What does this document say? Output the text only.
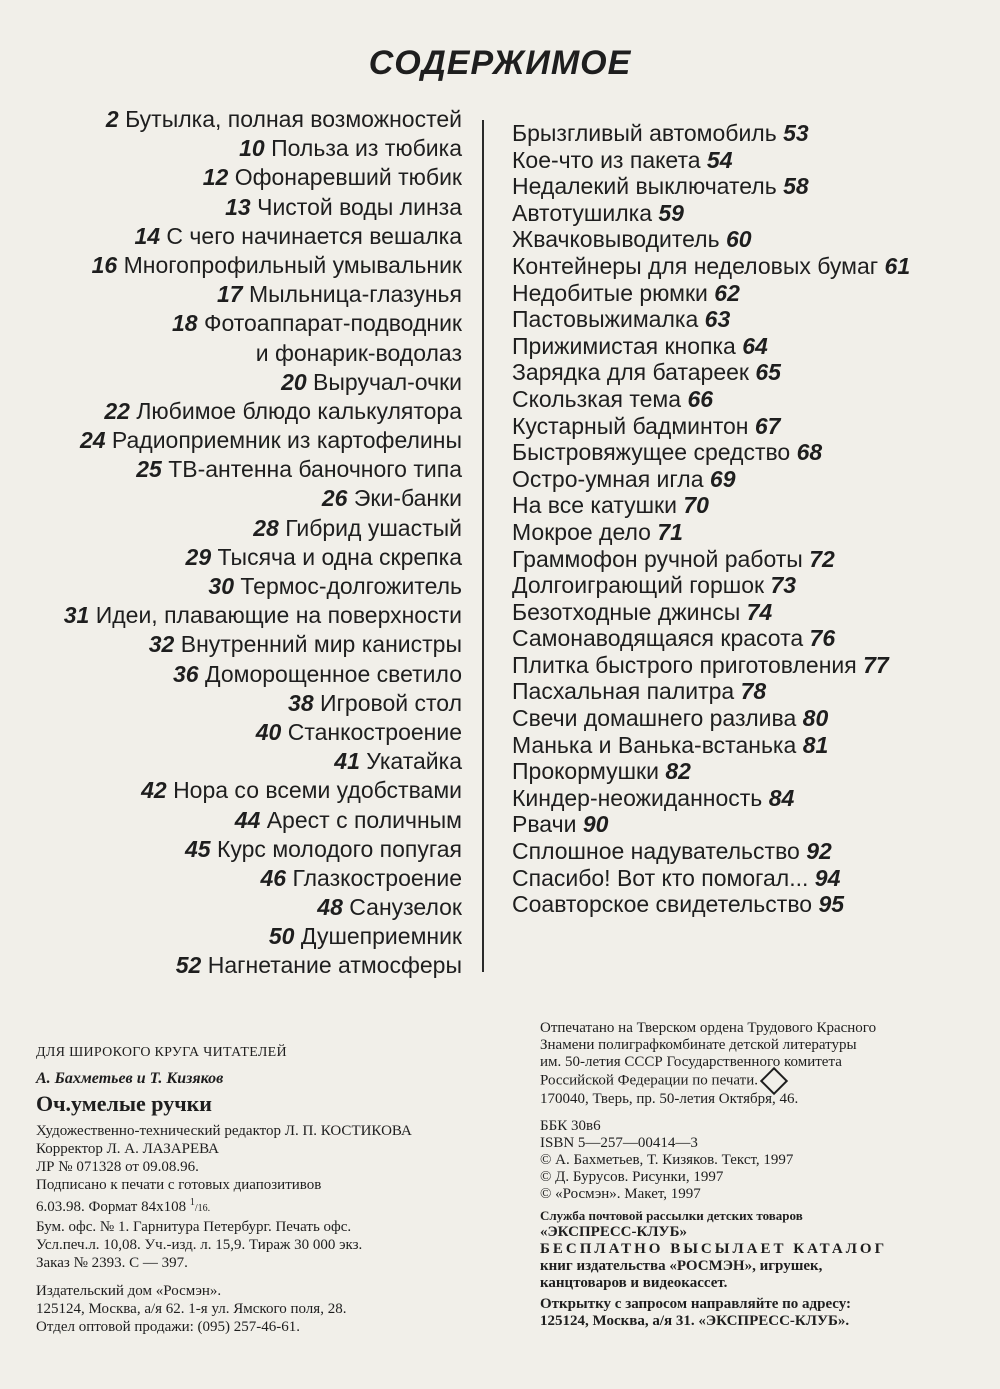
СОДЕРЖИМОЕ
2 Бутылка, полная возможностей
10 Польза из тюбика
12 Офонаревший тюбик
13 Чистой воды линза
14 С чего начинается вешалка
16 Многопрофильный умывальник
17 Мыльница-глазунья
18 Фотоаппарат-подводник
и фонарик-водолаз
20 Выручал-очки
22 Любимое блюдо калькулятора
24 Радиоприемник из картофелины
25 ТВ-антенна баночного типа
26 Эки-банки
28 Гибрид ушастый
29 Тысяча и одна скрепка
30 Термос-долгожитель
31 Идеи, плавающие на поверхности
32 Внутренний мир канистры
36 Доморощенное светило
38 Игровой стол
40 Станкостроение
41 Укатайка
42 Нора со всеми удобствами
44 Арест с поличным
45 Курс молодого попугая
46 Глазкостроение
48 Санузелок
50 Душеприемник
52 Нагнетание атмосферы
Брызгливый автомобиль 53
Кое-что из пакета 54
Недалекий выключатель 58
Автотушилка 59
Жвачковыводитель 60
Контейнеры для неделовых бумаг 61
Недобитые рюмки 62
Пастовыжималка 63
Прижимистая кнопка 64
Зарядка для батареек 65
Скользкая тема 66
Кустарный бадминтон 67
Быстровяжущее средство 68
Остро-умная игла 69
На все катушки 70
Мокрое дело 71
Граммофон ручной работы 72
Долгоиграющий горшок 73
Безотходные джинсы 74
Самонаводящаяся красота 76
Плитка быстрого приготовления 77
Пасхальная палитра 78
Свечи домашнего разлива 80
Манька и Ванька-встанька 81
Прокормушки 82
Киндер-неожиданность 84
Рвачи 90
Сплошное надувательство 92
Спасибо! Вот кто помогал... 94
Соавторское свидетельство 95
ДЛЯ ШИРОКОГО КРУГА ЧИТАТЕЛЕЙ
А. Бахметьев и Т. Кизяков
Оч.умелые ручки
Художественно-технический редактор Л. П. КОСТИКОВА
Корректор Л. А. ЛАЗАРЕВА
ЛР № 071328 от 09.08.96.
Подписано к печати с готовых диапозитивов
6.03.98. Формат 84х108 $^1$/16.
Бум. офс. № 1. Гарнитура Петербург. Печать офс.
Усл.печ.л. 10,08. Уч.-изд. л. 15,9. Тираж 30 000 экз.
Заказ № 2393. С — 397.
Издательский дом «Росмэн».
125124, Москва, а/я 62. 1-я ул. Ямского поля, 28.
Отдел оптовой продажи: (095) 257-46-61.
Отпечатано на Тверском ордена Трудового Красного
Знамени полиграфкомбинате детской литературы
им. 50-летия СССР Государственного комитета
Российской Федерации по печати.
170040, Тверь, пр. 50-летия Октября, 46.
ББК 30в6
ISBN 5—257—00414—3
© А. Бахметьев, Т. Кизяков. Текст, 1997
© Д. Бурусов. Рисунки, 1997
© «Росмэн». Макет, 1997
Служба почтовой рассылки детских товаров
«ЭКСПРЕСС-КЛУБ»
БЕСПЛАТНО ВЫСЫЛАЕТ КАТАЛОГ
книг издательства «РОСМЭН», игрушек,
канцтоваров и видеокассет.
Открытку с запросом направляйте по адресу:
125124, Москва, а/я 31. «ЭКСПРЕСС-КЛУБ».
